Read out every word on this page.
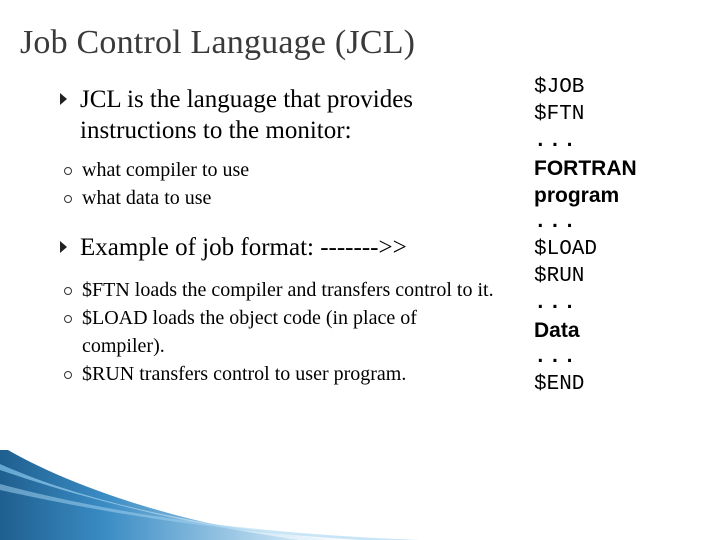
Job Control Language (JCL)
JCL is the language that provides instructions to the monitor:
what compiler to use
what data to use
Example of job format: ------->>
$FTN loads the compiler and transfers control to it.
$LOAD loads the object code (in place of compiler).
$RUN transfers control to user program.
$JOB
$FTN
...
FORTRAN
program
...
$LOAD
$RUN
...
Data
...
$END
